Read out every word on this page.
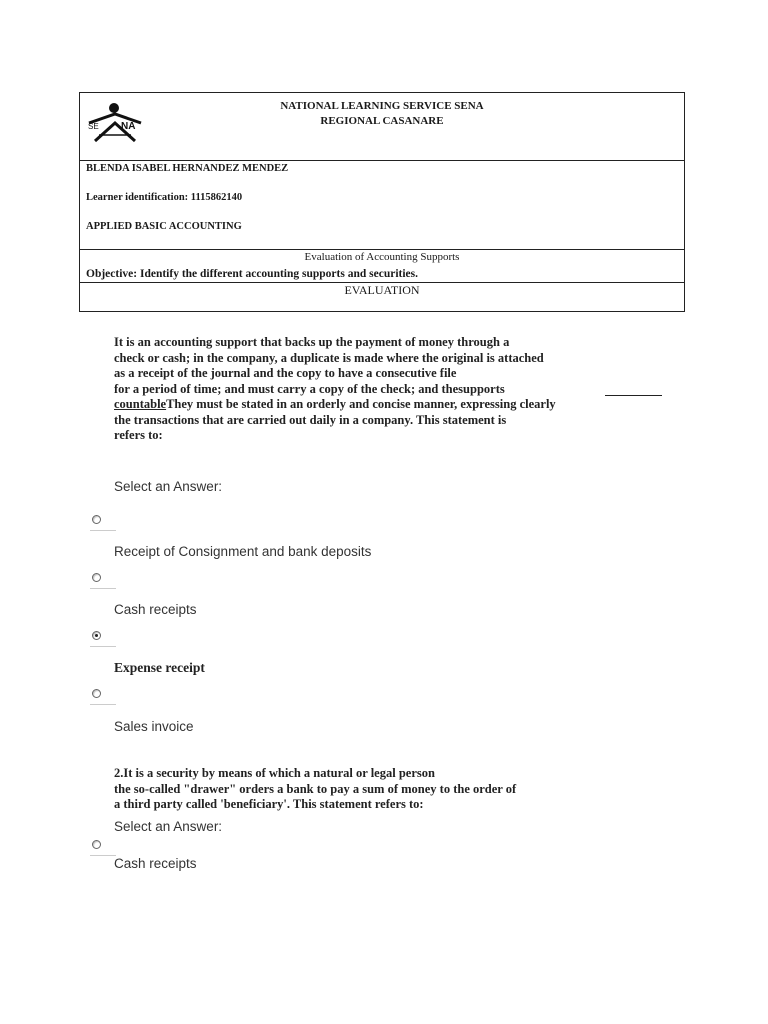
SE NA
NATIONAL LEARNING SERVICE SENA
REGIONAL CASANARE
BLENDA ISABEL HERNANDEZ MENDEZ
Learner identification: 1115862140
APPLIED BASIC ACCOUNTING
Evaluation of Accounting Supports
Objective: Identify the different accounting supports and securities.
EVALUATION
It is an accounting support that backs up the payment of money through a
check or cash; in the company, a duplicate is made where the original is attached
as a receipt of the journal and the copy to have a consecutive file
for a period of time; and must carry a copy of the check; and thesupports
countableThey must be stated in an orderly and concise manner, expressing clearly
the transactions that are carried out daily in a company. This statement is
refers to:
Select an Answer:
Receipt of Consignment and bank deposits
Cash receipts
Expense receipt
Sales invoice
2.It is a security by means of which a natural or legal person
the so-called "drawer" orders a bank to pay a sum of money to the order of
a third party called 'beneficiary'. This statement refers to:
Select an Answer:
Cash receipts
